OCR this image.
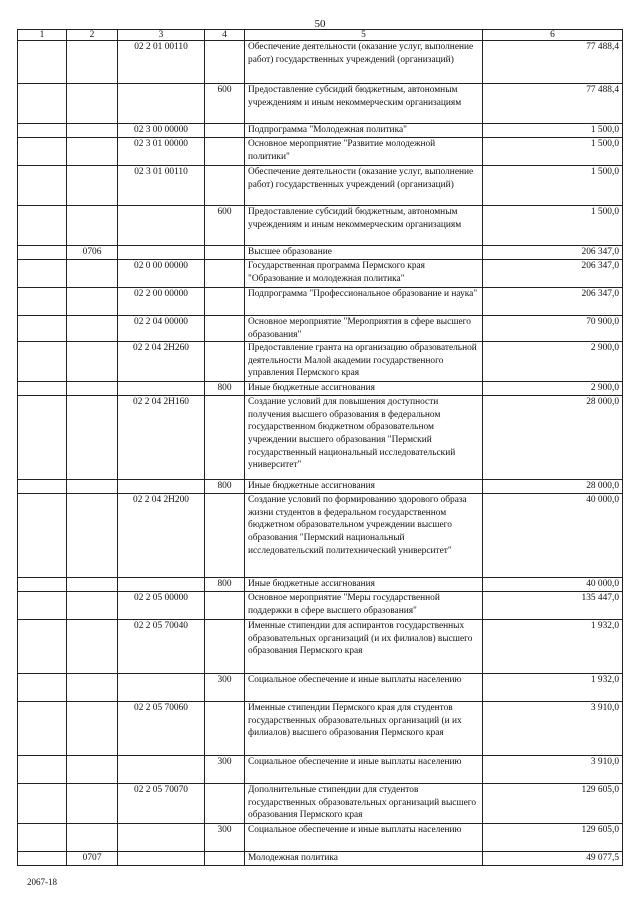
50
1	2	3	4	5	6
		02 2 01 00110		Обеспечение деятельности (оказание услуг, выполнение работ) государственных учреждений (организаций)	77 488,4
			600	Предоставление субсидий бюджетным, автономным учреждениям и иным некоммерческим организациям	77 488,4
		02 3 00 00000		Подпрограмма "Молодежная политика"	1 500,0
		02 3 01 00000		Основное мероприятие "Развитие молодежной политики"	1 500,0
		02 3 01 00110		Обеспечение деятельности (оказание услуг, выполнение работ) государственных учреждений (организаций)	1 500,0
			600	Предоставление субсидий бюджетным, автономным учреждениям и иным некоммерческим организациям	1 500,0
	0706			Высшее образование	206 347,0
		02 0 00 00000		Государственная программа Пермского края "Образование и молодежная политика"	206 347,0
		02 2 00 00000		Подпрограмма "Профессиональное образование и наука"	206 347,0
		02 2 04 00000		Основное мероприятие "Мероприятия в сфере высшего образования"	70 900,0
		02 2 04 2Н260		Предоставление гранта на организацию образовательной деятельности Малой академии государственного управления Пермского края	2 900,0
			800	Иные бюджетные ассигнования	2 900,0
		02 2 04 2Н160		Создание условий для повышения доступности получения высшего образования в федеральном государственном бюджетном образовательном учреждении высшего образования "Пермский государственный национальный исследовательский университет"	28 000,0
			800	Иные бюджетные ассигнования	28 000,0
		02 2 04 2Н200		Создание условий по формированию здорового образа жизни студентов в федеральном государственном бюджетном образовательном учреждении высшего образования "Пермский национальный исследовательский политехнический университет"	40 000,0
			800	Иные бюджетные ассигнования	40 000,0
		02 2 05 00000		Основное мероприятие "Меры государственной поддержки в сфере высшего образования"	135 447,0
		02 2 05 70040		Именные стипендии для аспирантов государственных образовательных организаций (и их филиалов) высшего образования Пермского края	1 932,0
			300	Социальное обеспечение и иные выплаты населению	1 932,0
		02 2 05 70060		Именные стипендии Пермского края для студентов государственных образовательных организаций (и их филиалов) высшего образования Пермского края	3 910,0
			300	Социальное обеспечение и иные выплаты населению	3 910,0
		02 2 05 70070		Дополнительные стипендии для студентов государственных образовательных организаций высшего образования Пермского края	129 605,0
			300	Социальное обеспечение и иные выплаты населению	129 605,0
	0707			Молодежная политика	49 077,5
2067-18
